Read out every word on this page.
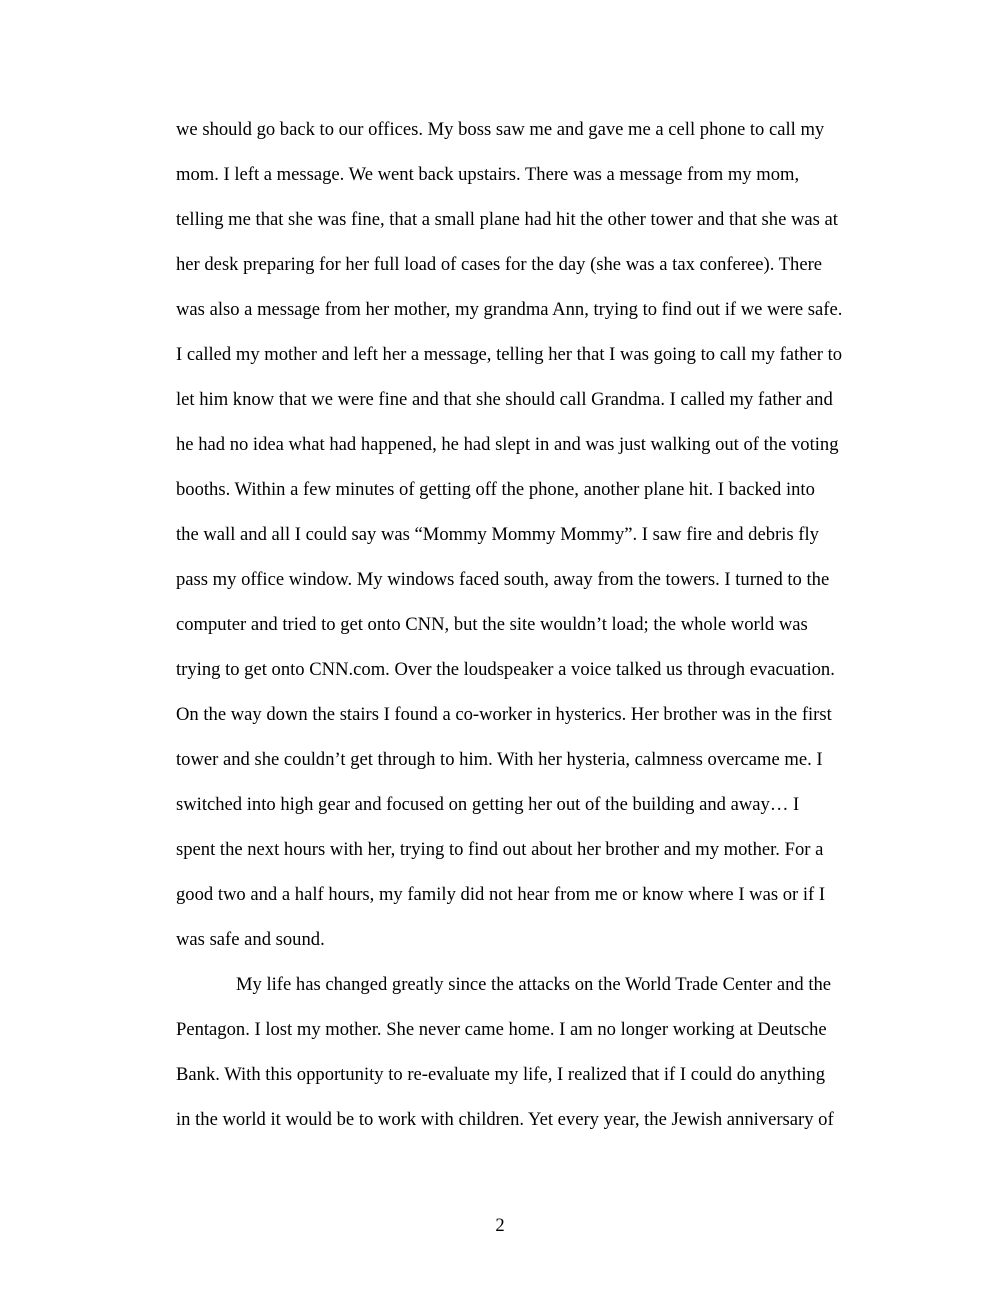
we should go back to our offices. My boss saw me and gave me a cell phone to call my
mom. I left a message. We went back upstairs. There was a message from my mom,
telling me that she was fine, that a small plane had hit the other tower and that she was at
her desk preparing for her full load of cases for the day (she was a tax conferee). There
was also a message from her mother, my grandma Ann, trying to find out if we were safe.
I called my mother and left her a message, telling her that I was going to call my father to
let him know that we were fine and that she should call Grandma. I called my father and
he had no idea what had happened, he had slept in and was just walking out of the voting
booths. Within a few minutes of getting off the phone, another plane hit. I backed into
the wall and all I could say was “Mommy Mommy Mommy”. I saw fire and debris fly
pass my office window. My windows faced south, away from the towers. I turned to the
computer and tried to get onto CNN, but the site wouldn’t load; the whole world was
trying to get onto CNN.com. Over the loudspeaker a voice talked us through evacuation.
On the way down the stairs I found a co-worker in hysterics. Her brother was in the first
tower and she couldn’t get through to him. With her hysteria, calmness overcame me. I
switched into high gear and focused on getting her out of the building and away… I
spent the next hours with her, trying to find out about her brother and my mother. For a
good two and a half hours, my family did not hear from me or know where I was or if I
was safe and sound.
My life has changed greatly since the attacks on the World Trade Center and the
Pentagon. I lost my mother. She never came home. I am no longer working at Deutsche
Bank. With this opportunity to re-evaluate my life, I realized that if I could do anything
in the world it would be to work with children. Yet every year, the Jewish anniversary of
2
